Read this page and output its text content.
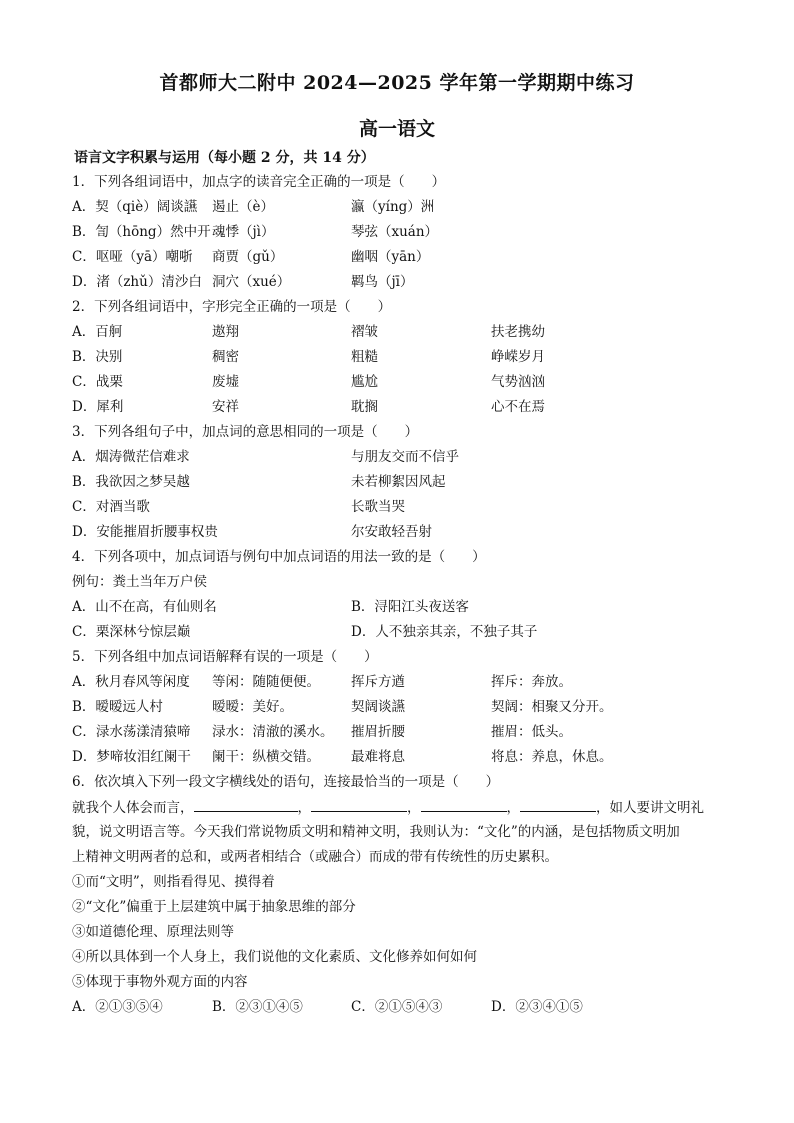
首都师大二附中 2024—2025 学年第一学期期中练习
高一语文
语言文字积累与运用（每小题 2 分，共 14 分）
1．下列各组词语中，加点字的读音完全正确的一项是（　　）
A．契（qiè）阔谈讌 遏止（è）	瀛（yíng）洲
B．訇（hōng）然中开 魂悸（jì）	琴弦（xuán）
C．呕哑（yā）嘲哳 商贾（gǔ）	幽咽（yān）
D．渚（zhǔ）清沙白 洞穴（xué）	羁鸟（jī）
2．下列各组词语中，字形完全正确的一项是（　　）
A．百舸	遨翔	褶皱	扶老携幼
B．决别	稠密	粗糙	峥嵘岁月
C．战栗	废墟	尴尬	气势汹汹
D．犀利	安祥	耽搁	心不在焉
3．下列各组句子中，加点词的意思相同的一项是（　　）
A．烟涛微茫信难求	与朋友交而不信乎
B．我欲因之梦吴越	未若柳絮因风起
C．对酒当歌	长歌当哭
D．安能摧眉折腰事权贵	尔安敢轻吾射
4．下列各项中，加点词语与例句中加点词语的用法一致的是（　　）
例句：粪土当年万户侯
A．山不在高，有仙则名	B．浔阳江头夜送客
C．栗深林兮惊层巅	D．人不独亲其亲，不独子其子
5．下列各组中加点词语解释有误的一项是（　　）
A．秋月春风等闲度 等闲：随随便便。 挥斥方遒	挥斥：奔放。
B．暧暧远人村	暧暧：美好。	契阔谈讌	契阔：相聚又分开。
C．渌水荡漾清猿啼 渌水：清澈的溪水。 摧眉折腰	摧眉：低头。
D．梦啼妆泪红阑干 阑干：纵横交错。 最难将息	将息：养息，休息。
6．依次填入下列一段文字横线处的语句，连接最恰当的一项是（　　）
就我个人体会而言，	，	，	，	，如人要讲文明礼
貌，说文明语言等。今天我们常说物质文明和精神文明，我则认为：“文化”的内涵，是包括物质文明加
上精神文明两者的总和，或两者相结合（或融合）而成的带有传统性的历史累积。
①而“文明”，则指看得见、摸得着
②“文化”偏重于上层建筑中属于抽象思维的部分
③如道德伦理、原理法则等
④所以具体到一个人身上，我们说他的文化素质、文化修养如何如何
⑤体现于事物外观方面的内容
A．②①③⑤④	B．②③①④⑤	C．②①⑤④③	D．②③④①⑤
